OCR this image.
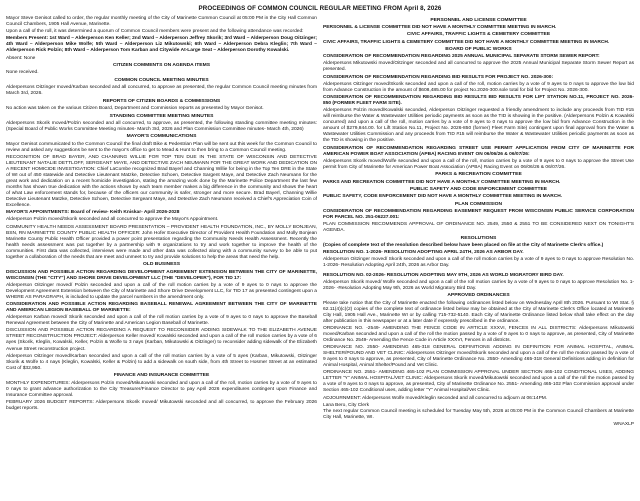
PROCEEDINGS OF COMMON COUNCIL REGULAR MEETING FROM April 8, 2026

Mayor Steve Genisot called to order, the regular monthly meeting of the City of Marinette Common Council at 05:00 PM in the City Hall Common Council Chambers, 1905 Hall Avenue, Marinette.

Upon a call of the roll, it was determined a quorum of Common Council members were present and the following attendance was recorded:

Members Present: 1st Ward – Alderperson Ken Keller; 2nd Ward – Alderperson Jeffrey Skorik; 3rd Ward – Alderperson Doug Oitzinger; 4th Ward – Alderperson Mike Wolfe; 5th Ward – Alderperson Liz Mikutowski; 6th Ward – Alderperson Debra Kleglin; 7th Ward – Alderperson Rick Polzin; 8th Ward – Alderperson Tom Karban and Citywide At-Large Seat – Alderperson Dorothy Kowalski.

Absent: None

CITIZEN COMMENTS ON AGENDA ITEMS

None received.

COMMON COUNCIL MEETING MINUTES

Alderpersons Oitzinger moved/Karban seconded and all concurred, to approve as presented, the regular Common Council meeting minutes from March 3rd, 2026.

REPORTS OF CITIZEN BOARDS & COMMISSIONS

No action was taken on the various Citizen Board, Department and Commission reports as presented by Mayor Genisot.

STANDING COMMITTEE MEETING MINUTES

Alderpersons Skorik moved/Polzin seconded and all concurred, to approve, as presented, the following standing committee meeting minutes: (Special Board of Public Works Committee Meeting minutes- March 3rd, 2026 and Plan Commission Committee minutes- March 4th, 2026)

MAYOR'S COMMUNICATIONS

Mayor Genisot communicated to the Common Council the final draft Bike & Pedestrian Plan will be sent out this week for the Common Council to review and asked any suggestions be sent to the mayor's office to get to Mead & Hunt to then bring to a Common Council meeting.

RECOGNITION OF BRAD BAYER, AND CHANNING WILLIE FOR TOP TEN DUE IN THE STATE OF WISCONSIN AND DETECTIVE LIEUTENANT NATALIE DETTLOFF, SERGEANT MAYE, AND DETECTIVE ZACH NEUMANN FOR THE GREAT WORK AND DEDICATION ON A RECENT HOMICIDE INVESTIGATION: Chief LaCombe recognized Brad Bayerl and Channing Willie for being in the Top Ten DRE in the State of WI out of 450 statewide and Detective Lieutenant Matzke, Detective Schoen, Detective Sargent Maye, and Detective Zach Neumann for the great work and dedication on a recent homicide investigation, stating the amazing work done by the Marinette Police Department the last few months has shown true dedication with the actions shown by each team member makes a big difference in the community and shows the heart of what Law enforcement stands for, because of the officers our community is safer, stronger and more secure. Brad Bayerl, Channing Willie Detective Lieutenant Matzke, Detective Schoen, Detective Sergeant Maye, and Detective Zach Neumann received a Chief's Appreciation Coin of Excellence.

MAYOR'S APPOINTMENTS: Board of review- Keith Kniskar- April 2026-2028

Alderperson Polzin moved/Skorik seconded and all concurred to approve the Mayor's Appointment.

COMMUNITY HEALTH NEEDS ASSESSMENT BOARD PRESENTATION – PROVIDENT HEALTH FOUNDATION, INC., BY MOLLY BONJEAN, BSN, RN MARINETTE COUNTY PUBLIC HEALTH OFFICER: John Hofer Executive Director of Provident Health Foundation and Molly Bonjean Marinette County Public Health Officer provided a power point presentation regarding the Community Needs Health Assessment. Recently the health needs assessment was put together by a partnership with 9 organizations to try and work together to improve the health of the communities. First data was collected, interviews were made and other data was collected along with a community survey to be able to put together a collaboration of the needs that are meet and unmeet to try and provide solutions to help the areas that need the help.

OLD BUSINESS

DISCUSSION AND POSSIBLE ACTION REGARDING DEVELOPMENT AGREEMENT EXTENSION BETWEEN THE CITY OF MARINETTE, WISCONSIN (THE "CITY") AND SHORE DRIVE DEVELOPMENT LLC (THE "DEVELOPER"), FOR TID 17:

Alderperson Oitzinger moved/ Polzin seconded and upon a call of the roll motion carries by a vote of 9 ayes to 0 nays to approve the Development Agreement Extension between the City of Marinette and Shore Drive Development LLC, for TID 17 as presented contingent upon a WHERE AS PARAGRAPH, is included to update the parcel numbers in the amendment only.

CONSIDERATION AND POSSIBLE ACTION REGARDING BASEBALL RENEWAL AGREEMENT BETWEEN THE CITY OF MARINETTE AND AMERICAN LEGION BASEBALL OF MARINETTE:

Alderperson Karban moved/ Skorik seconded and upon a call of the roll motion carries by a vote of 9 ayes to 0 nays to approve the Baseball Renewal Agreement between the City of Marinette and American Legion Baseball of Marinette.

DISCUSSION AND POSSIBLE ACTION REGARDING A REQUEST TO RECONSIDER ADDING SIDEWALK TO THE ELIZABETH AVENUE STREET RECONSTRUCTION PROJECT: Alderperson Keller moved/ Kowalski seconded and upon a call of the roll motion carries by a vote of 6 ayes (Skorik, Kleglin, Kowalski, Keller, Polzin & Wolfe to 3 nays (Karban, Mikutowski & Oitzinger) to reconsider adding sidewalk of the Elizabeth Avenue Street reconstruction project.

Alderperson Oitzinger moved/Karban seconded and upon a call of the roll motion carries by a vote of 5 ayes (Karban, Mikutowski, Oitzinger Skorik & Wolfe to 4 nays (Kleglin, Kowalski, Keller & Polzin) to add a sidewalk on south side, from 4th Street to Hosmer Street at an estimated Cost of $32,950.

FINANCE AND INSURANCE COMMITTEE

MONTHLY EXPENDITURES: Alderpersons Polzin moved/Mikutowski seconded and upon a call of the roll, motion carries by a vote of 9 ayes to 0 nays to grant advance authorization to the City Treasurer/Finance Director to pay April 2026 expenditures contingent upon Finance and Insurance Committee approval.

FEBRUARY 2026 BUDGET REPORTS: Alderpersons Skorik moved/ Mikutowski seconded and all concurred, to approve the February 2026 budget reports.

PERSONNEL AND LICENSE COMMITTEE

PERSONNEL & LICENSE COMMITTEE DID NOT HAVE A MONTHLY COMMITTEE MEETING IN MARCH.

CIVIC AFFAIRS, TRAFFIC LIGHTS & CEMETERY COMMITTEE

CIVIC AFFAIRS, TRAFFIC LIGHTS & CEMETERY COMMITTEE DID NOT HAVE A MONTHLY COMMITTEE MEETING IN MARCH.

BOARD OF PUBLIC WORKS

CONSIDERATION OF RECOMMENDATION REGARDING 2025 ANNUAL MUNICIPAL SEPARATE STORM SEWER REPORT:

Alderpersons Mikutowski moved/Oitzinger seconded and all concurred to approve the 2025 Annual Municipal Separate Storm Sewer Report as presented.

CONSIDERATION OF RECOMMENDATION REGARDING BID RESULTS FOR PROJECT NO. 2026-300:

Alderpersons Oitzinger moved/Skorik seconded and upon a call of the roll, motion carries by a vote of 9 ayes to 0 nays to approve the low bid from Advance Construction in the amount of $608,485.00 for project No.2026-300.sole total for bid for Project No. 2026-300.

CONSIDERATION OF RECOMMENDATION REGARDING BID RESULTS BID RESULTS FOR LIFT STATION NO.11, PROJECT NO. 2026-850 (FORMER FLEET FARM SITE).

Alderpersons Polzin moved/Kowalski seconded, Alderperson Oitzinger requested a friendly amendment to include any proceeds from TID #15 will reimburse the Water & Wastewater Utilities periodic payments as soon as the TID is showing in the positive. (Alderpersons Polzin & Kowalski concurred) and upon a call of the roll, motion carries by a vote of 9 ayes to 0 nays to approve the low bid from Advance Construction in the amount of $279,844.00. for Lift Station No.11, Project No. 2026-850 (former) Fleet Farm Site) contingent upon final approval from the Water & Wastewater Utilities Commission and any proceeds from TID #15 will reimburse the Water & Wastewater Utilities periodic payments as soon as the TID is showing in the positive.

CONSIDERATION OF RECOMMENDATION REGARDING STREET USE PERMIT APPLICATION FROM CITY OF MARINETTE FOR AMERICAN POWER BOAT ASSOCIATION (APBA) RACING EVENT ON 06/06/26 & 06/07/26:

Alderpersons Skorik moved/Wolfe seconded and upon a call of the roll, motion carries by a vote of 9 ayes to 0 nays to approve the Street Use permit from City of Marinette for American Power Boat Association (APBA) Racing Event on 06/06/26 & 06/07/26.

PARKS & RECREATION COMMITTEE

PARKS AND RECREATION COMMITTEE DID NOT HAVE A MONTHLY COMMITTEE MEETING IN MARCH.

PUBLIC SAFETY AND CODE ENFORCEMENT COMMITTEE

PUBLIC SAFETY, CODE ENFORCEMENT DID NOT HAVE A MONTHLY COMMITTEE MEETING IN MARCH.

PLAN COMMISSION

CONSIDERATION OF RECOMMENDATION REGARDING EASEMENT REQUEST FROM WISCONSIN PUBLIC SERVICE CORPORATION FOR PARCEL NO. 251-06227.001:

PLAN COMMISSION RECOMMENDS APPROVAL OF ORDINANCE NO. 2549, 2550 & 2551 TO BE CONSIDERED NEXT ON TONIGHT'S AGENDA.

RESOLUTIONS

(Copies of complete text of the resolution described below have been placed on file at the City of Marinette Clerk's office.)

RESOLUTION NO. 1-2026- RESOLUTION ADOPTING APRIL 24TH, 2026 AS ARBOR DAY.

Alderperson Oitzinger moved/ Skorik seconded and upon a call of the roll motion carries by a vote of 9 ayes to 0 nays to approve Resolution No. 1-2026- Resolution Adopting April 24th, 2026 as Arbor Day.

RESOLUTION NO. 02-2026- RESOLUTION ADOPTING MAY 9TH, 2026 AS WORLD MIGRATORY BIRD DAY.

Alderperson Skorik moved/ Wolfe seconded and upon a call of the roll motion carries by a vote of 9 ayes to 0 nays to approve Resolution No. 1-2026- -Resolution Adopting May 9th, 2026 as World Migratory Bird Day.

APPROVED ORDINANCES

Please take notice that the City of Marinette enacted the following ordinances listed below on Wednesday April 8th 2026. Pursuant to WI Stat. § 62.11(4)(c)(2) copies of the complete text of ordinance listed below may be obtained at the City of Marinette Clerk's Office located at Marinette City Hall, 1905 Hall Ave., Marinette WI or by calling 715-732-5140. Each City of Marinette Ordinance listed below shall take effect on the day after publication in this newspaper or at a later date if expressly prescribed in the ordinance.

ORDINANCE NO. -2549- AMENDING THE FENCE CODE IN ARTICLE XXXVI, FENCES IN ALL DISTRICTS: Alderpersons Mikutowski moved/Karban seconded and upon a call of the roll the motion passed by a vote of 9 ayes to 0 nays to approve, as presented, City of Marinette Ordinance No. 2549- Amending the Fence Code in Article XXXVI, Fences in all districts.

ORDINANCE NO. 2550- AMENDING 465-318 GENERAL DEFINITIONS ADDING IN DEFINITION FOR ANIMAL HOSPITAL, ANIMAL SHELTER/POUND AND VET CLINIC: Alderpersons Oitzinger moved/Skorik seconded and upon a call of the roll the motion passed by a vote of 9 ayes to 0 nays to approve, as presented, City of Marinette Ordinance No. 2550- Amending 465-318 General Definitions adding in definition for Animal Hospital, Animal Shelter/Pound and Vet Clinic.

ORDINANCE NO. 2551- AMENDING 465-102 PLAN COMMISSION APPROVAL UNDER SECTION 465-102 CONDITIONAL USES, ADDING LETTER "Y" ANIMAL HOSPITAL/VET CLINIC: Alderpersons Skorik moved/Mikutowski seconded and upon a call of the roll the motion passed by a vote of 9 ayes to 0 nays to approve, as presented, City of Marinette Ordinance No. 2551- Amending 465-102 Plan Commission approval under Section 465-102 Conditional uses, adding letter "Y" Animal Hospital/Vet Clinic.

ADJOURNMENT: Alderpersons Wolfe moved/Kleglin seconded and all concurred to adjourn at 06:14PM.

Lana Bero, City Clerk

The next regular Common Council meeting is scheduled for Tuesday May 5th, 2026 at 05:00 PM in the Common Council Chambers at Marinette City Hall, Marinette, WI.

WNAXLP
